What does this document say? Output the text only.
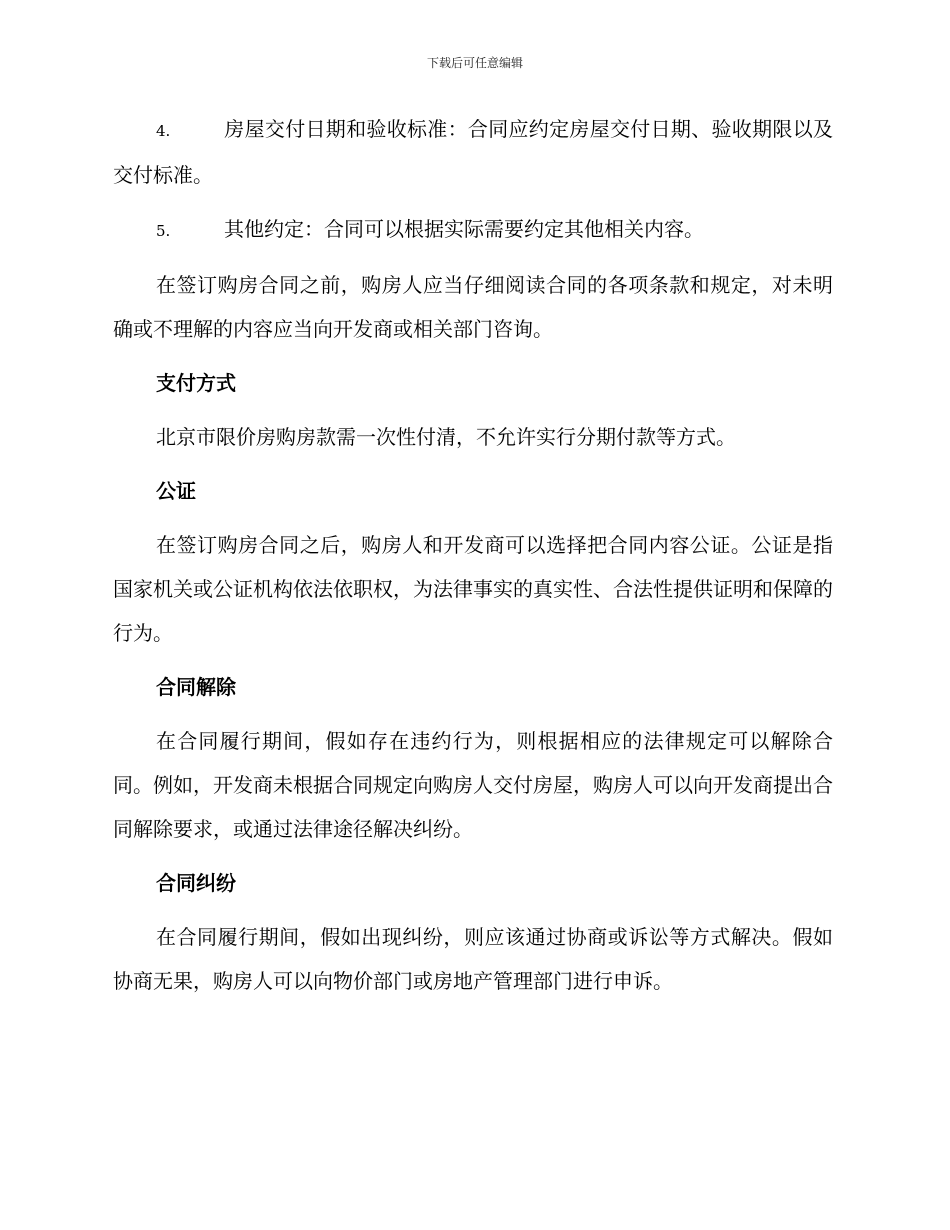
下载后可任意编辑

4.	房屋交付日期和验收标准：合同应约定房屋交付日期、验收期限以及交付标准。

5.	其他约定：合同可以根据实际需要约定其他相关内容。

在签订购房合同之前，购房人应当仔细阅读合同的各项条款和规定，对未明确或不理解的内容应当向开发商或相关部门咨询。

支付方式

北京市限价房购房款需一次性付清，不允许实行分期付款等方式。

公证

在签订购房合同之后，购房人和开发商可以选择把合同内容公证。公证是指国家机关或公证机构依法依职权，为法律事实的真实性、合法性提供证明和保障的行为。

合同解除

在合同履行期间，假如存在违约行为，则根据相应的法律规定可以解除合同。例如，开发商未根据合同规定向购房人交付房屋，购房人可以向开发商提出合同解除要求，或通过法律途径解决纠纷。

合同纠纷

在合同履行期间，假如出现纠纷，则应该通过协商或诉讼等方式解决。假如协商无果，购房人可以向物价部门或房地产管理部门进行申诉。
